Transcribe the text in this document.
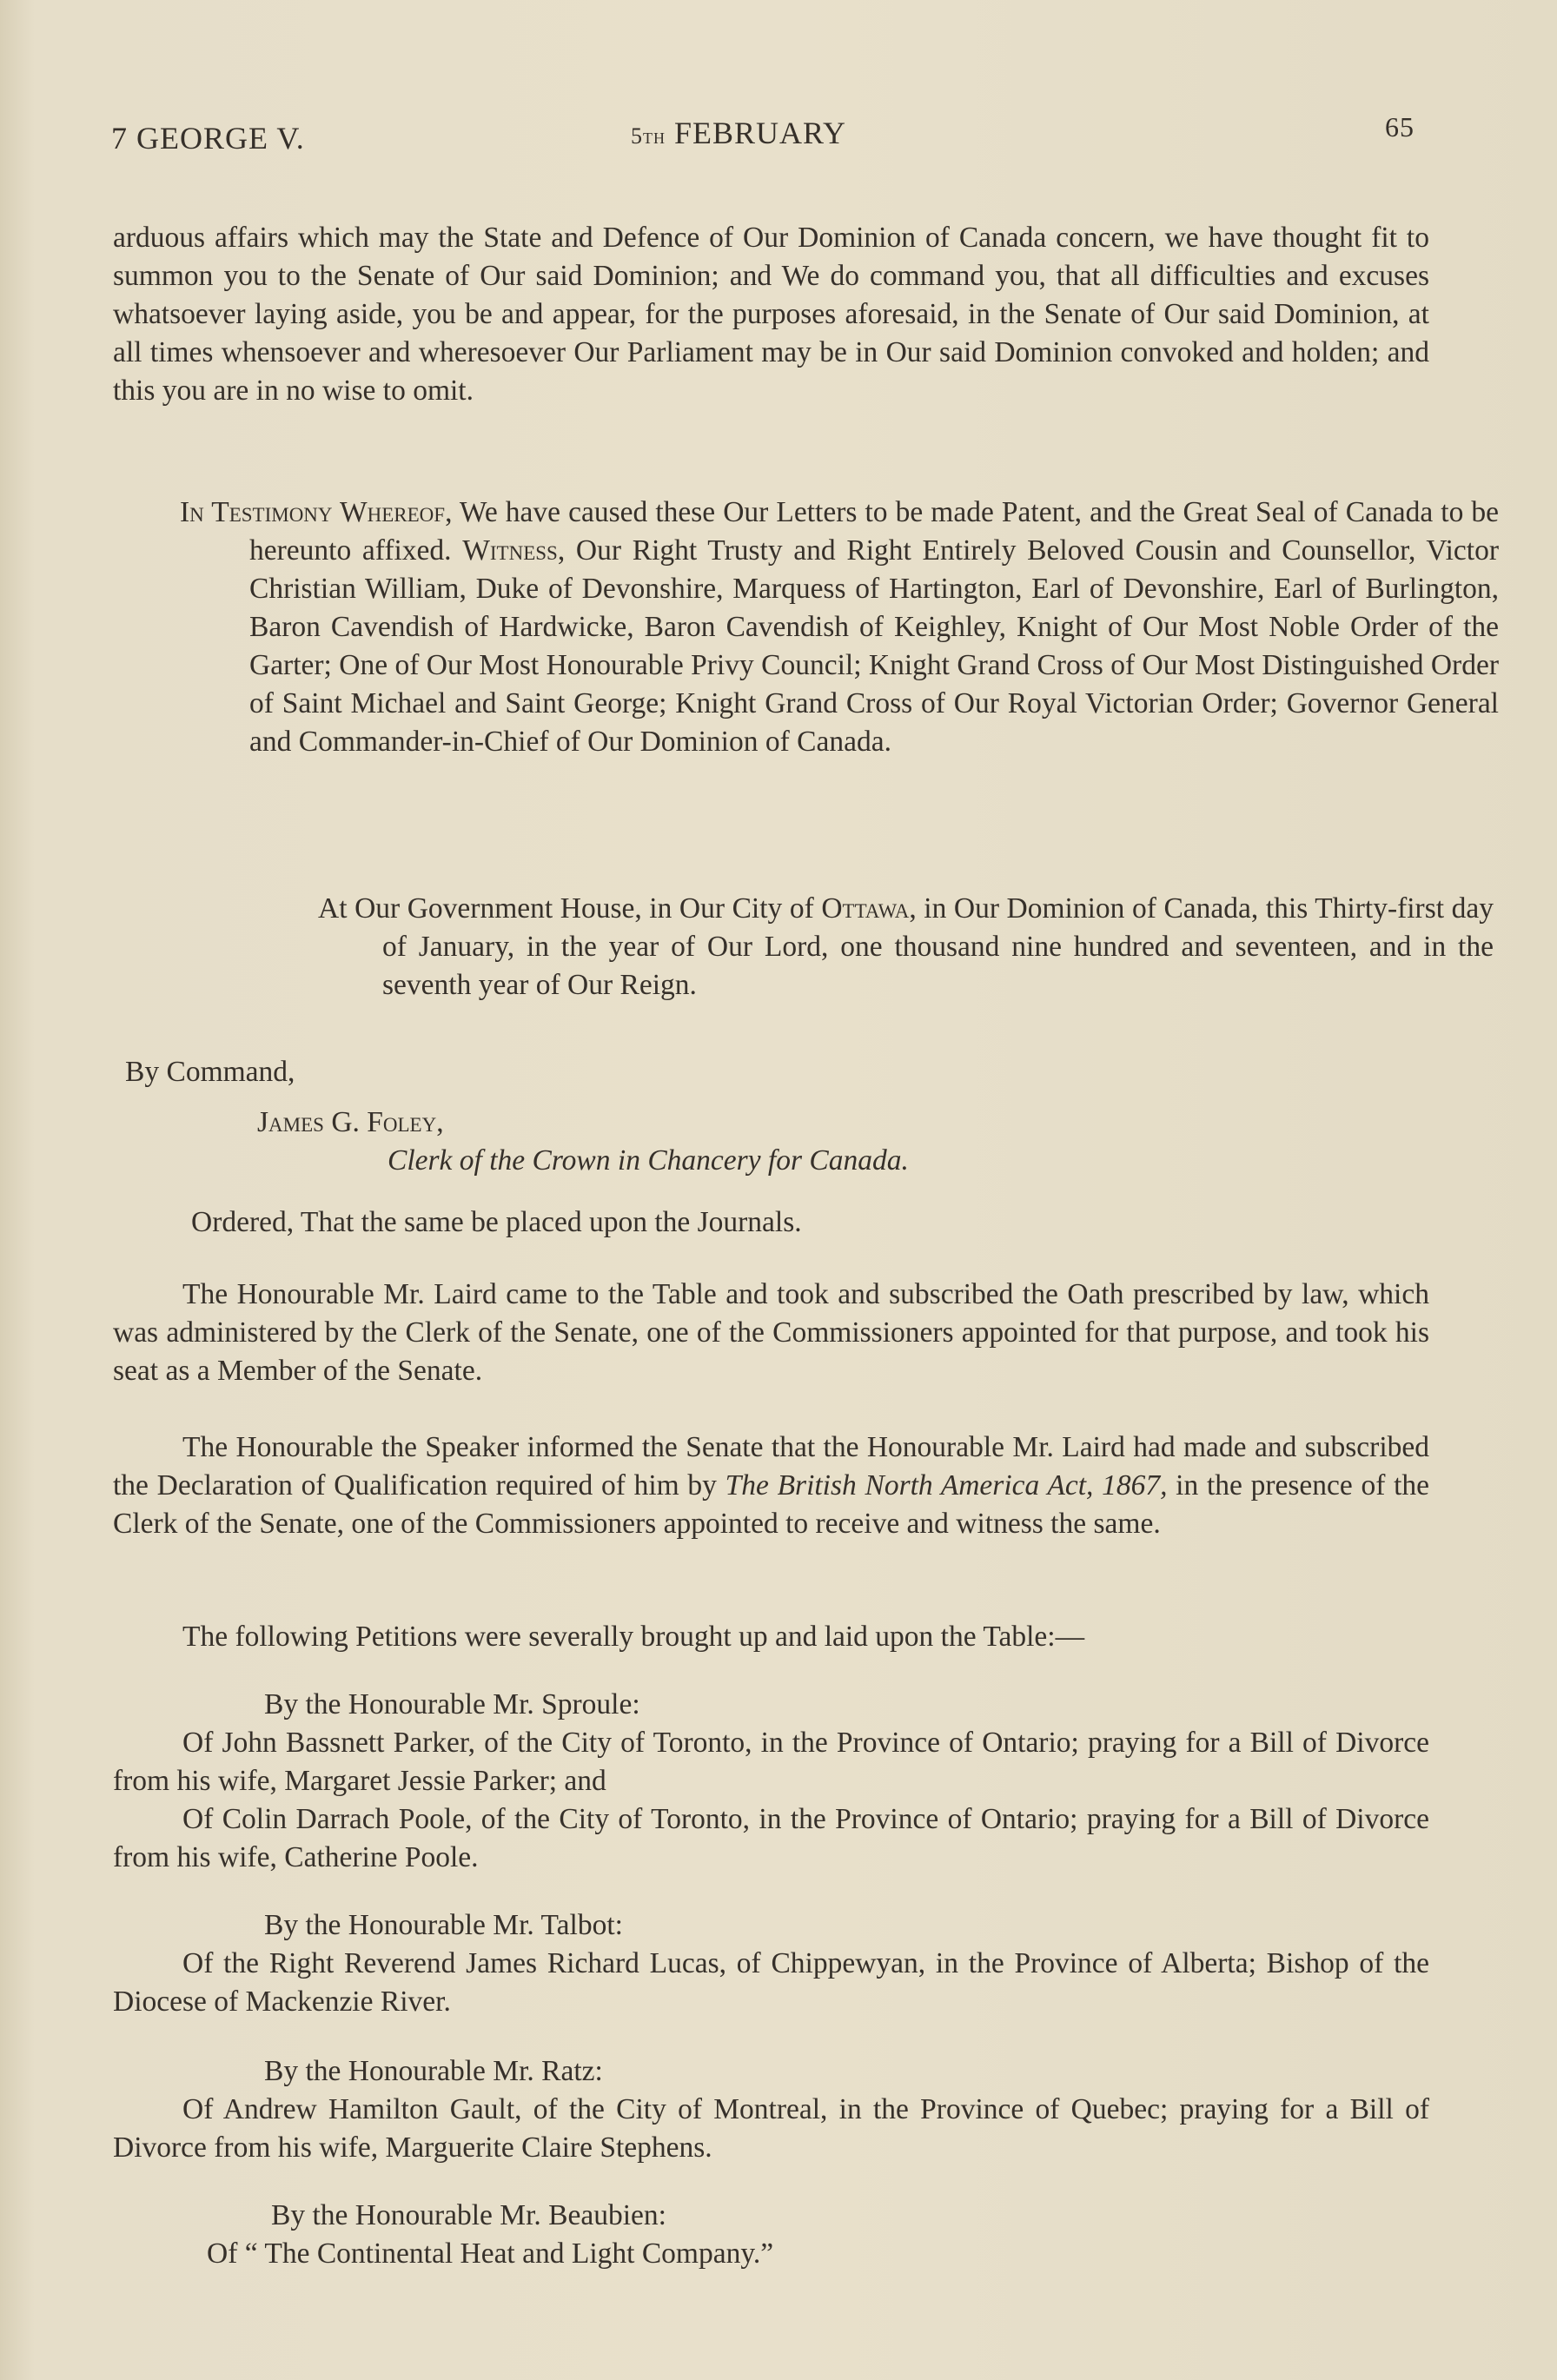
7 GEORGE V.	5th FEBRUARY	65

arduous affairs which may the State and Defence of Our Dominion of Canada concern, we have thought fit to summon you to the Senate of Our said Dominion; and We do command you, that all difficulties and excuses whatsoever laying aside, you be and appear, for the purposes aforesaid, in the Senate of Our said Dominion, at all times whensoever and wheresoever Our Parliament may be in Our said Dominion convoked and holden; and this you are in no wise to omit.

In Testimony Whereof, We have caused these Our Letters to be made Patent, and the Great Seal of Canada to be hereunto affixed. Witness, Our Right Trusty and Right Entirely Beloved Cousin and Counsellor, Victor Christian William, Duke of Devonshire, Marquess of Hartington, Earl of Devonshire, Earl of Burlington, Baron Cavendish of Hardwicke, Baron Cavendish of Keighley, Knight of Our Most Noble Order of the Garter; One of Our Most Honourable Privy Council; Knight Grand Cross of Our Most Distinguished Order of Saint Michael and Saint George; Knight Grand Cross of Our Royal Victorian Order; Governor General and Commander-in-Chief of Our Dominion of Canada.

At Our Government House, in Our City of Ottawa, in Our Dominion of Canada, this Thirty-first day of January, in the year of Our Lord, one thousand nine hundred and seventeen, and in the seventh year of Our Reign.

By Command,

James G. Foley,

Clerk of the Crown in Chancery for Canada.

Ordered, That the same be placed upon the Journals.

The Honourable Mr. Laird came to the Table and took and subscribed the Oath prescribed by law, which was administered by the Clerk of the Senate, one of the Commissioners appointed for that purpose, and took his seat as a Member of the Senate.

The Honourable the Speaker informed the Senate that the Honourable Mr. Laird had made and subscribed the Declaration of Qualification required of him by The British North America Act, 1867, in the presence of the Clerk of the Senate, one of the Commissioners appointed to receive and witness the same.

The following Petitions were severally brought up and laid upon the Table:—

By the Honourable Mr. Sproule:

Of John Bassnett Parker, of the City of Toronto, in the Province of Ontario; praying for a Bill of Divorce from his wife, Margaret Jessie Parker; and

Of Colin Darrach Poole, of the City of Toronto, in the Province of Ontario; praying for a Bill of Divorce from his wife, Catherine Poole.

By the Honourable Mr. Talbot:

Of the Right Reverend James Richard Lucas, of Chippewyan, in the Province of Alberta; Bishop of the Diocese of Mackenzie River.

By the Honourable Mr. Ratz:

Of Andrew Hamilton Gault, of the City of Montreal, in the Province of Quebec; praying for a Bill of Divorce from his wife, Marguerite Claire Stephens.

By the Honourable Mr. Beaubien:

Of “ The Continental Heat and Light Company.”
